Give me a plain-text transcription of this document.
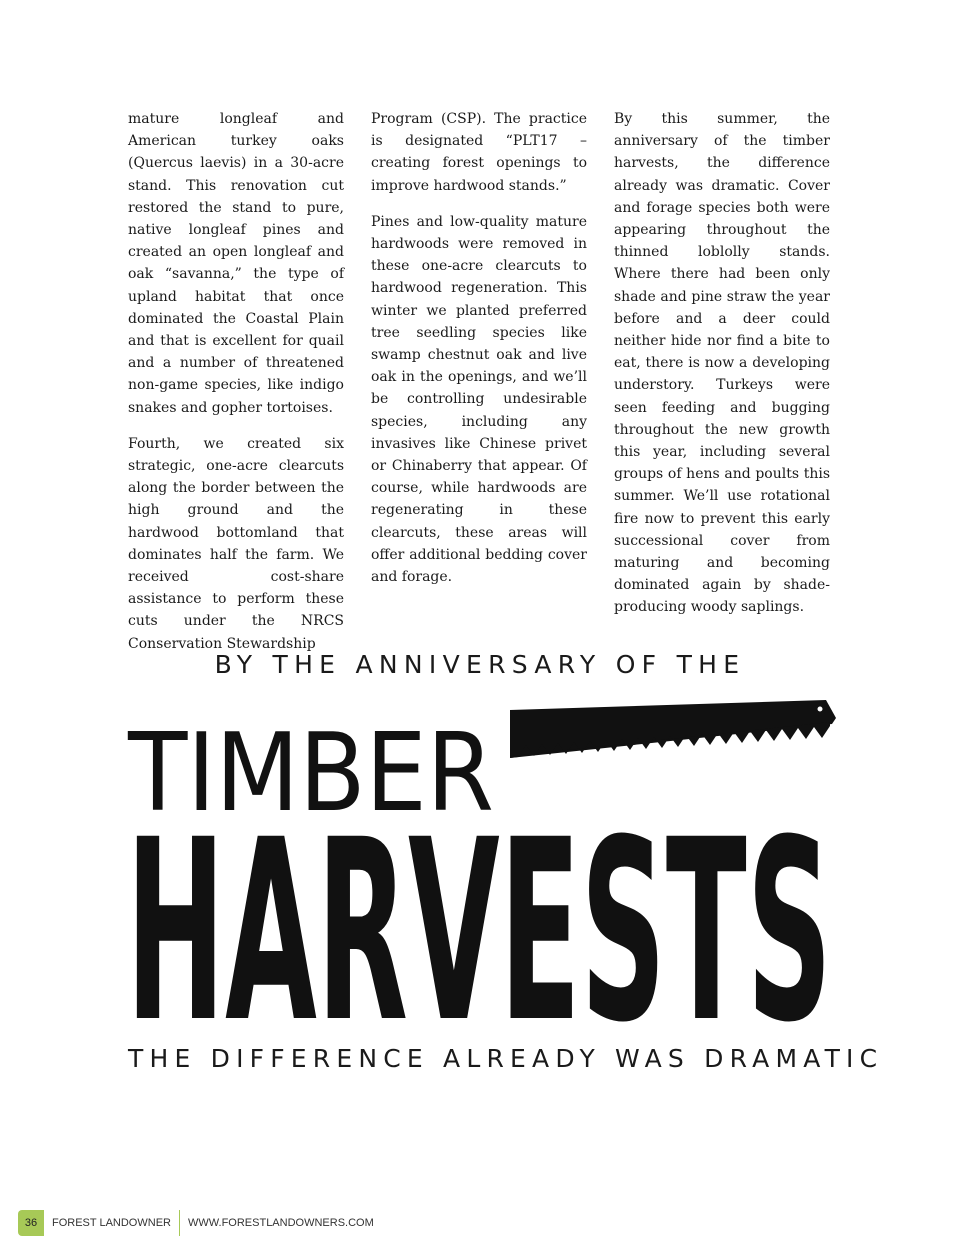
mature longleaf and American turkey oaks (Quercus laevis) in a 30-acre stand. This renovation cut restored the stand to pure, native longleaf pines and created an open longleaf and oak “savanna,” the type of upland habitat that once dominated the Coastal Plain and that is excellent for quail and a number of threatened non-game species, like indigo snakes and gopher tortoises.

Fourth, we created six strategic, one-acre clearcuts along the border between the high ground and the hardwood bottomland that dominates half the farm. We received cost-share assistance to perform these cuts under the NRCS Conservation Stewardship

Program (CSP). The practice is designated “PLT17 – creating forest openings to improve hardwood stands.”

Pines and low-quality mature hardwoods were removed in these one-acre clearcuts to hardwood regeneration. This winter we planted preferred tree seedling species like swamp chestnut oak and live oak in the openings, and we’ll be controlling undesirable species, including any invasives like Chinese privet or Chinaberry that appear. Of course, while hardwoods are regenerating in these clearcuts, these areas will offer additional bedding cover and forage.

By this summer, the anniversary of the timber harvests, the difference already was dramatic. Cover and forage species both were appearing throughout the thinned loblolly stands. Where there had been only shade and pine straw the year before and a deer could neither hide nor find a bite to eat, there is now a developing understory. Turkeys were seen feeding and bugging throughout the new growth this year, including several groups of hens and poults this summer. We’ll use rotational fire now to prevent this early successional cover from maturing and becoming dominated again by shade-producing woody saplings.

BY THE ANNIVERSARY OF THE
TIMBER
HARVESTS
THE DIFFERENCE ALREADY WAS DRAMATIC
36	FOREST LANDOWNER WWW.FORESTLANDOWNERS.COM
